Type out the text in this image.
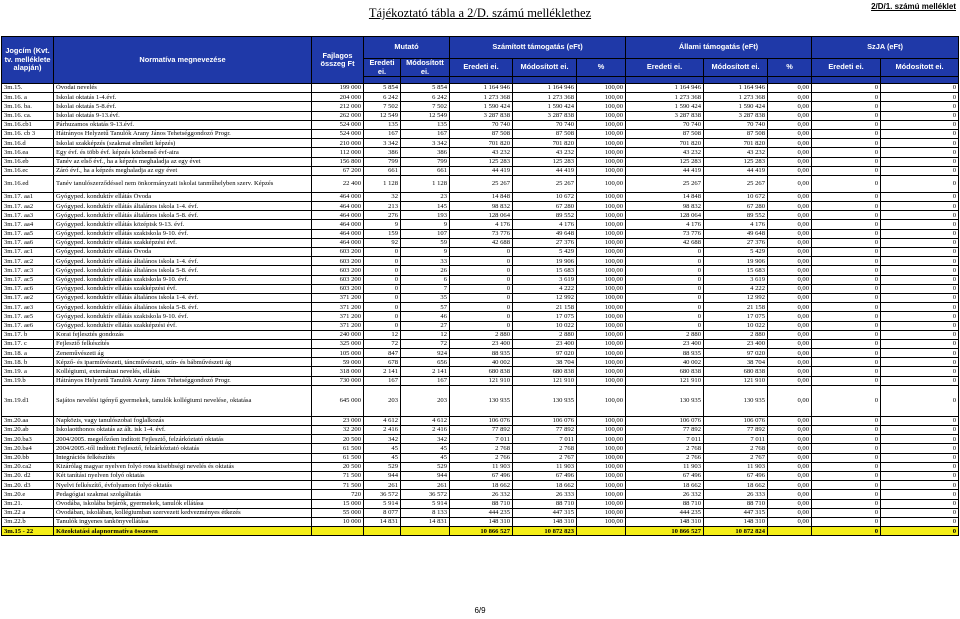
Tájékoztató tábla a 2/D. számú melléklethez	2/D/1. számú melléklet
Jogcím (Kvt. tv. melléklete alapján)	Normatíva megnevezése	Fajlagos összeg Ft	Mutató		Számított támogatás (eFt)			Állami támogatás (eFt)			SzJA (eFt)	
			Eredeti ei.	Módosított ei.	Eredeti ei.	Módosított ei.	%	Eredeti ei.	Módosított ei.	%	Eredeti ei.	Módosított ei.

3m.15.	Óvodai nevelés	199 000	5 854	5 854	1 164 946	1 164 946	100,00	1 164 946	1 164 946	0,00	0	0
3m.16. a	Iskolai oktatás 1-4.évf.	204 000	6 242	6 242	1 273 368	1 273 368	100,00	1 273 368	1 273 368	0,00	0	0
3m.16. ba.	Iskolai oktatás 5-8.évf.	212 000	7 502	7 502	1 590 424	1 590 424	100,00	1 590 424	1 590 424	0,00	0	0
3m.16. ca.	Iskolai oktatás 9-13.évf.	262 000	12 549	12 549	3 287 838	3 287 838	100,00	3 287 838	3 287 838	0,00	0	0
3m.16.cb1	Párhuzamos oktatás 9-13.évf.	524 000	135	135	70 740	70 740	100,00	70 740	70 740	0,00	0	0
3m.16. cb 3	Hátrányos Helyzetű Tanulók Arany János Tehetséggondozó Progr.	524 000	167	167	87 508	87 508	100,00	87 508	87 508	0,00	0	0
3m.16.d	Iskolai szakképzés (szakmai elméleti képzés)	210 000	3 342	3 342	701 820	701 820	100,00	701 820	701 820	0,00	0	0
3m.16.ea	Egy évf. és több évf. képzés közbenső évf-aira	112 000	386	386	43 232	43 232	100,00	43 232	43 232	0,00	0	0
3m.16.eb	Tanév az első évf., ha a képzés meghaladja az egy évet	156 800	799	799	125 283	125 283	100,00	125 283	125 283	0,00	0	0
3m.16.ec	Záró évf., ha a képzés meghaladja az egy évet	67 200	661	661	44 419	44 419	100,00	44 419	44 419	0,00	0	0
3m.16.ed	Tanév tanulószerződéssel nem önkormányzati iskolai tanműhelyben szerv. Képzés	22 400	1 128	1 128	25 267	25 267	100,00	25 267	25 267	0,00	0	0
3m.17. aa1	Gyógyped. konduktív ellátás Óvoda	464 000	32	23	14 848	10 672	100,00	14 848	10 672	0,00	0	0
3m.17. aa2	Gyógyped. konduktív ellátás általános iskola 1-4. évf.	464 000	213	145	98 832	67 280	100,00	98 832	67 280	0,00	0	0
3m.17. aa3	Gyógyped. konduktív ellátás általános iskola 5-8. évf.	464 000	276	193	128 064	89 552	100,00	128 064	89 552	0,00	0	0
3m.17. aa4	Gyógyped. konduktív ellátás középisk 9-13. évf.	464 000	9	9	4 176	4 176	100,00	4 176	4 176	0,00	0	0
3m.17. aa5	Gyógyped. konduktív ellátás szakiskola 9-10. évf.	464 000	159	107	73 776	49 648	100,00	73 776	49 648	0,00	0	0
3m.17. aa6	Gyógyped. konduktív ellátás szakképzési évf.	464 000	92	59	42 688	27 376	100,00	42 688	27 376	0,00	0	0
3m.17. ac1	Gyógyped. konduktív ellátás Óvoda	603 200	0	9	0	5 429	100,00	0	5 429	0,00	0	0
3m.17. ac2	Gyógyped. konduktív ellátás általános iskola 1-4. évf.	603 200	0	33	0	19 906	100,00	0	19 906	0,00	0	0
3m.17. ac3	Gyógyped. konduktív ellátás általános iskola 5-8. évf.	603 200	0	26	0	15 683	100,00	0	15 683	0,00	0	0
3m.17. ac5	Gyógyped. konduktív ellátás szakiskola 9-10. évf.	603 200	0	6	0	3 619	100,00	0	3 619	0,00	0	0
3m.17. ac6	Gyógyped. konduktív ellátás szakképzési évf.	603 200	0	7	0	4 222	100,00	0	4 222	0,00	0	0
3m.17. ae2	Gyógyped. konduktív ellátás általános iskola 1-4. évf.	371 200	0	35	0	12 992	100,00	0	12 992	0,00	0	0
3m.17. ae3	Gyógyped. konduktív ellátás általános iskola 5-8. évf.	371 200	0	57	0	21 158	100,00	0	21 158	0,00	0	0
3m.17. ae5	Gyógyped. konduktív ellátás szakiskola 9-10. évf.	371 200	0	46	0	17 075	100,00	0	17 075	0,00	0	0
3m.17. ae6	Gyógyped. konduktív ellátás szakképzési évf.	371 200	0	27	0	10 022	100,00	0	10 022	0,00	0	0
3m.17. b	Korai fejlesztés gondozás	240 000	12	12	2 880	2 880	100,00	2 880	2 880	0,00	0	0
3m.17. c	Fejlesztő felkészítés	325 000	72	72	23 400	23 400	100,00	23 400	23 400	0,00	0	0
3m.18. a	Zeneművészeti ág	105 000	847	924	88 935	97 020	100,00	88 935	97 020	0,00	0	0
3m.18. b	Képző- és iparművészeti, táncművészeti, szín- és bábművészeti ág	59 000	678	656	40 002	38 704	100,00	40 002	38 704	0,00	0	0
3m.19. a	Kollégiumi, externátusi nevelés, ellátás	318 000	2 141	2 141	680 838	680 838	100,00	680 838	680 838	0,00	0	0
3m.19.b	Hátrányos Helyzetű Tanulók Arany János Tehetséggondozó Progr.	730 000	167	167	121 910	121 910	100,00	121 910	121 910	0,00	0	0
3m.19.d1	Sajátos nevelési igényű gyermekek, tanulók kollégiumi nevelése, oktatása	645 000	203	203	130 935	130 935	100,00	130 935	130 935	0,00	0	0
3m.20.aa	Napközis, vagy tanulószobai foglalkozás	23 000	4 612	4 612	106 076	106 076	100,00	106 076	106 076	0,00	0	0
3m.20.ab	Iskolaotthonos oktatás az ált. isk 1-4. évf.	32 200	2 416	2 416	77 892	77 892	100,00	77 892	77 892	0,00	0	0
3m.20.ba3	2004/2005. megelőzően indított Fejlesztő, felzárkóztató oktatás	20 500	342	342	7 011	7 011	100,00	7 011	7 011	0,00	0	0
3m.20.ba4	2004/2005.-től indított Fejlesztő, felzárkóztató oktatás	61 500	45	45	2 768	2 768	100,00	2 768	2 768	0,00	0	0
3m.20.bb	Integrációs felkészítés	61 500	45	45	2 766	2 767	100,00	2 766	2 767	0,00	0	0
3m.20.ca2	Kizárólag magyar nyelven folyó rома kisebbségi nevelés és oktatás	20 500	529	529	11 903	11 903	100,00	11 903	11 903	0,00	0	0
3m.20. d2	Két tanítási nyelven folyó oktatás	71 500	944	944	67 496	67 496	100,00	67 496	67 496	0,00	0	0
3m.20. d3	Nyelvi felkészítő, évfolyamon folyó oktatás	71 500	261	261	18 662	18 662	100,00	18 662	18 662	0,00	0	0
3m.20.e	Pedagógiai szakmai szolgáltatás	720	36 572	36 572	26 332	26 333	100,00	26 332	26 333	0,00	0	0
3m.21.	Óvodába, iskolába bejárók, gyermekek, tanulók ellátása	15 000	5 914	5 914	88 710	88 710	100,00	88 710	88 710	0,00	0	0
3m.22 a	Óvodában, iskolában, kollégiumban szervezett kedvezményes étkezés	55 000	8 077	8 133	444 235	447 315	100,00	444 235	447 315	0,00	0	0
3m.22.b	Tanulók ingyenes tankönyvellátása	10 000	14 831	14 831	148 310	148 310	100,00	148 310	148 310	0,00	0	0
3m.15 - 22	Közoktatási alapnormatíva összesen				10 866 527	10 872 823		10 866 527	10 872 824		0	0
6/9
